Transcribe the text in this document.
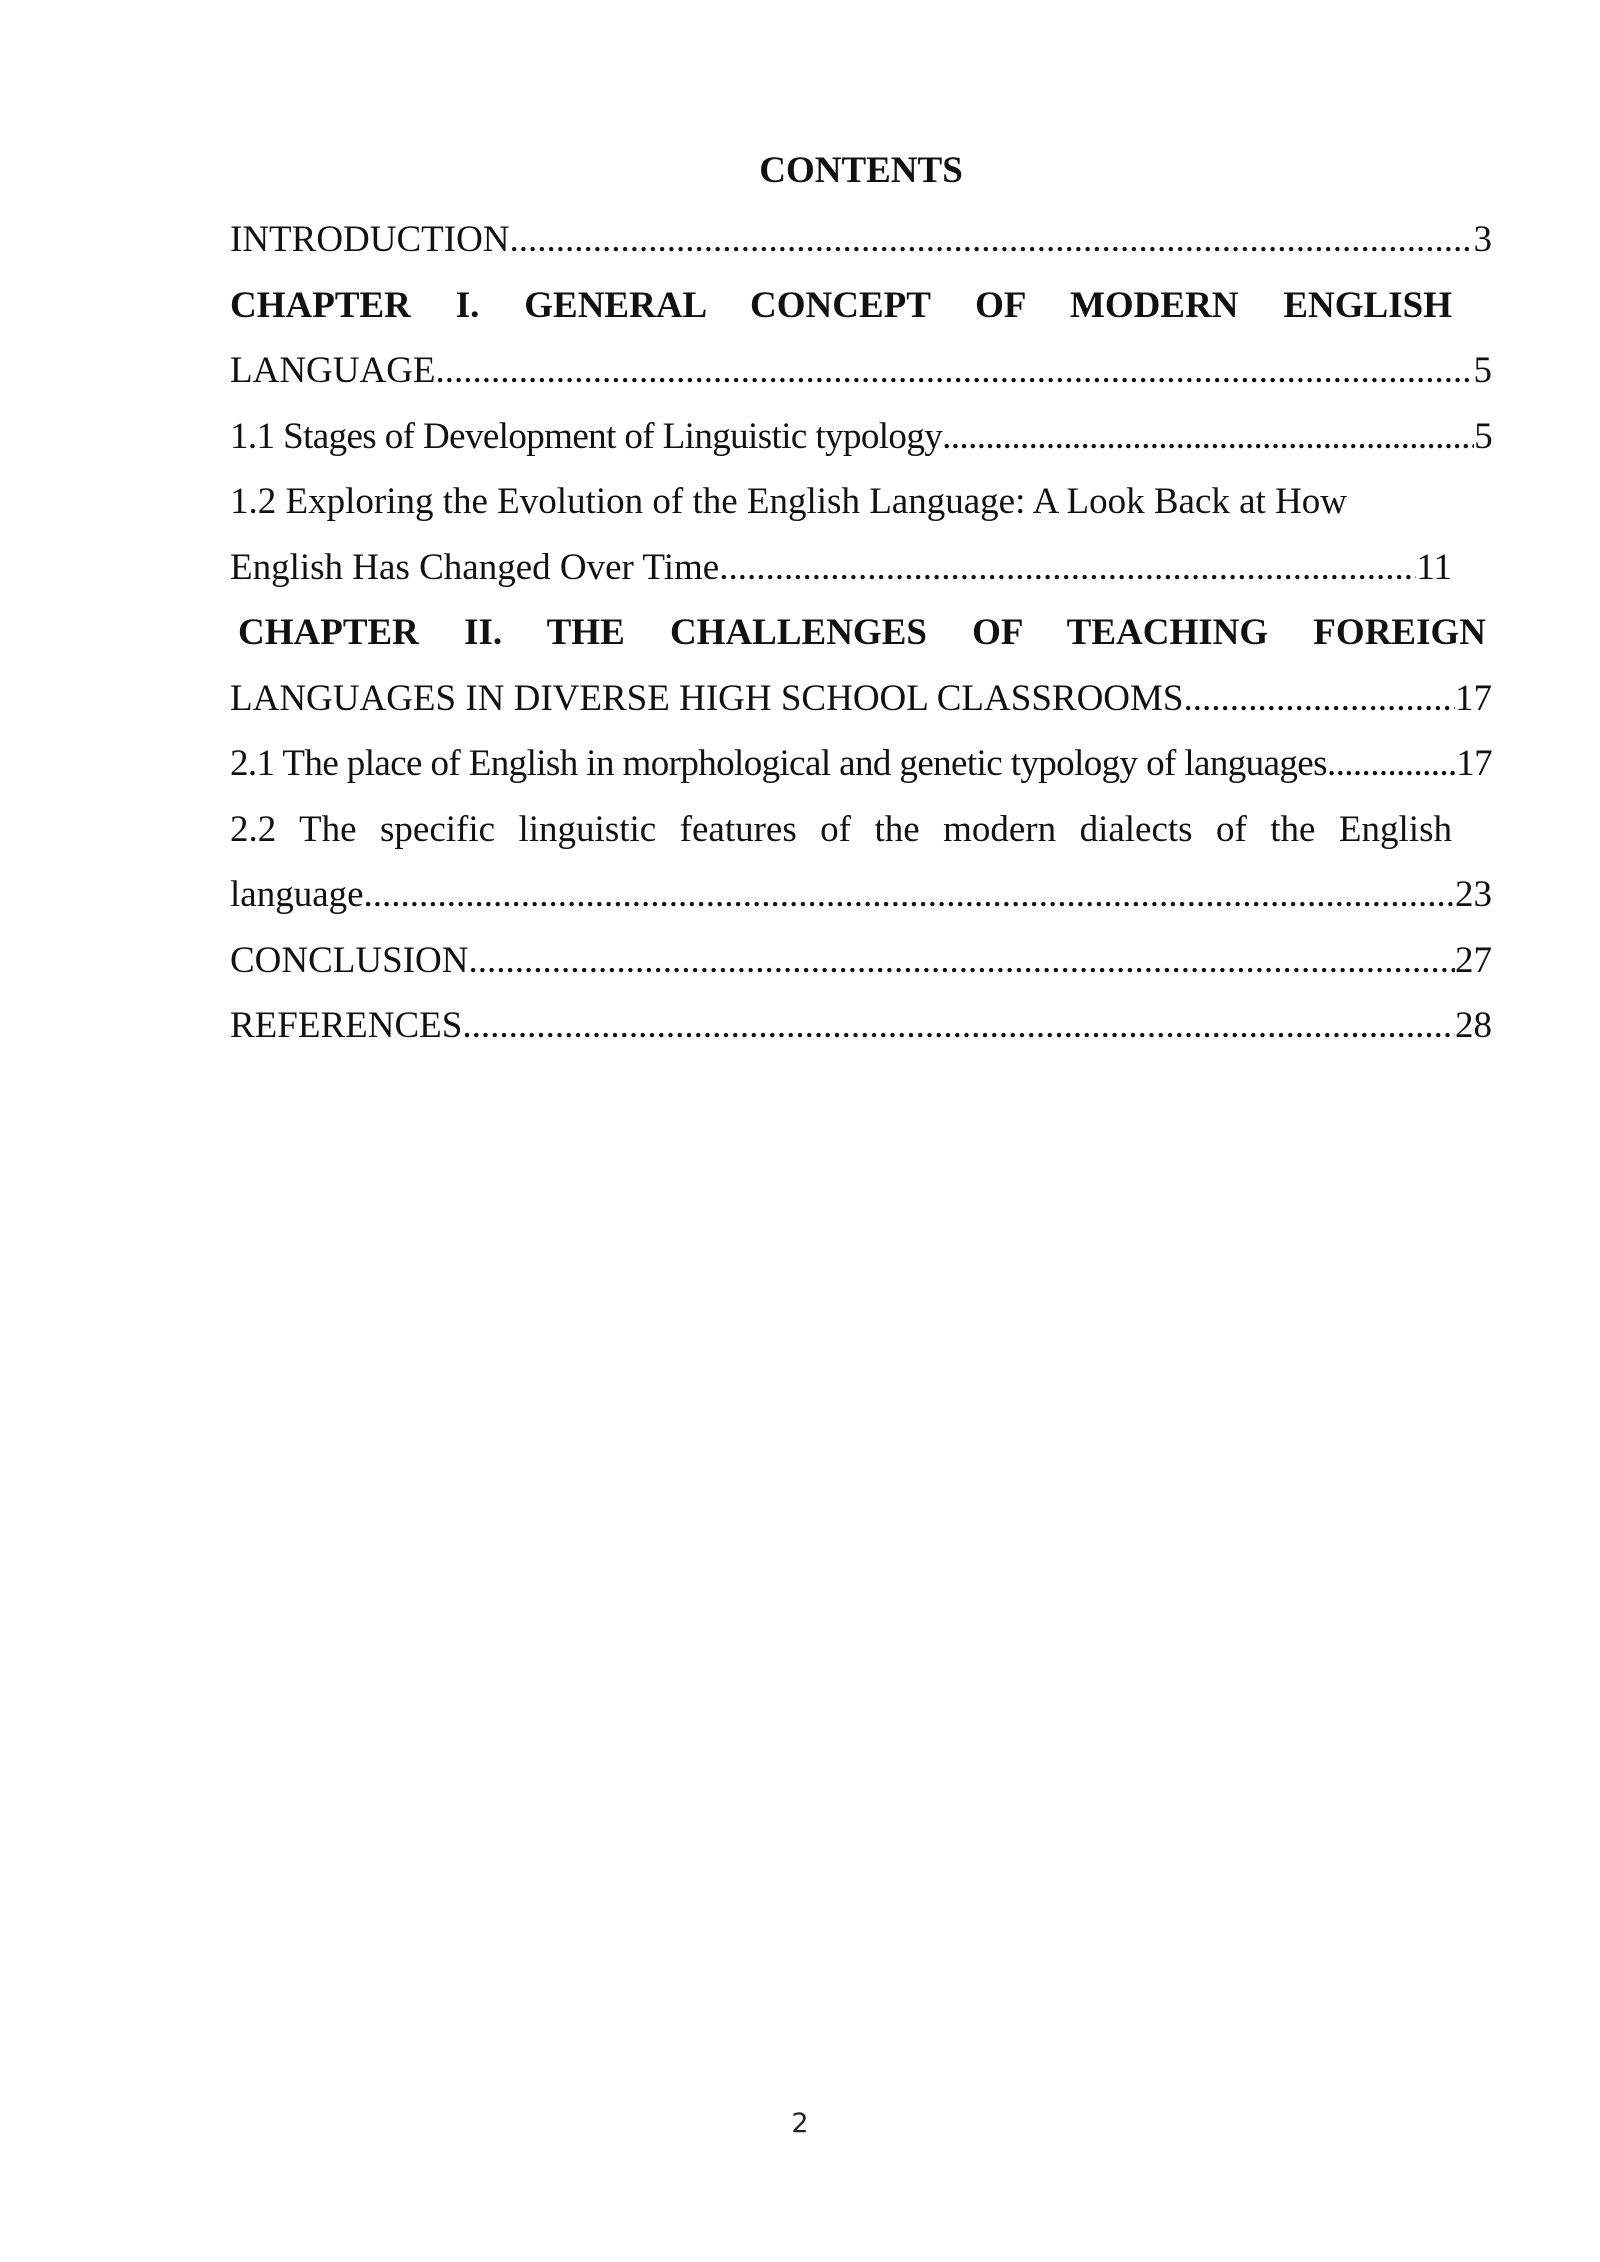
CONTENTS
INTRODUCTION .....	3
CHAPTER I. GENERAL CONCEPT OF MODERN ENGLISH
LANGUAGE .....	5
1.1 Stages of Development of Linguistic typology .....	5
1.2 Exploring the Evolution of the English Language: A Look Back at How
English Has Changed Over Time .....	11
CHAPTER II. THE CHALLENGES OF TEACHING FOREIGN
LANGUAGES IN DIVERSE HIGH SCHOOL CLASSROOMS .....	17
2.1 The place of English in morphological and genetic typology of languages .....	17
2.2 The specific linguistic features of the modern dialects of the English
language .....	23
CONCLUSION .....	27
REFERENCES .....	28
2
